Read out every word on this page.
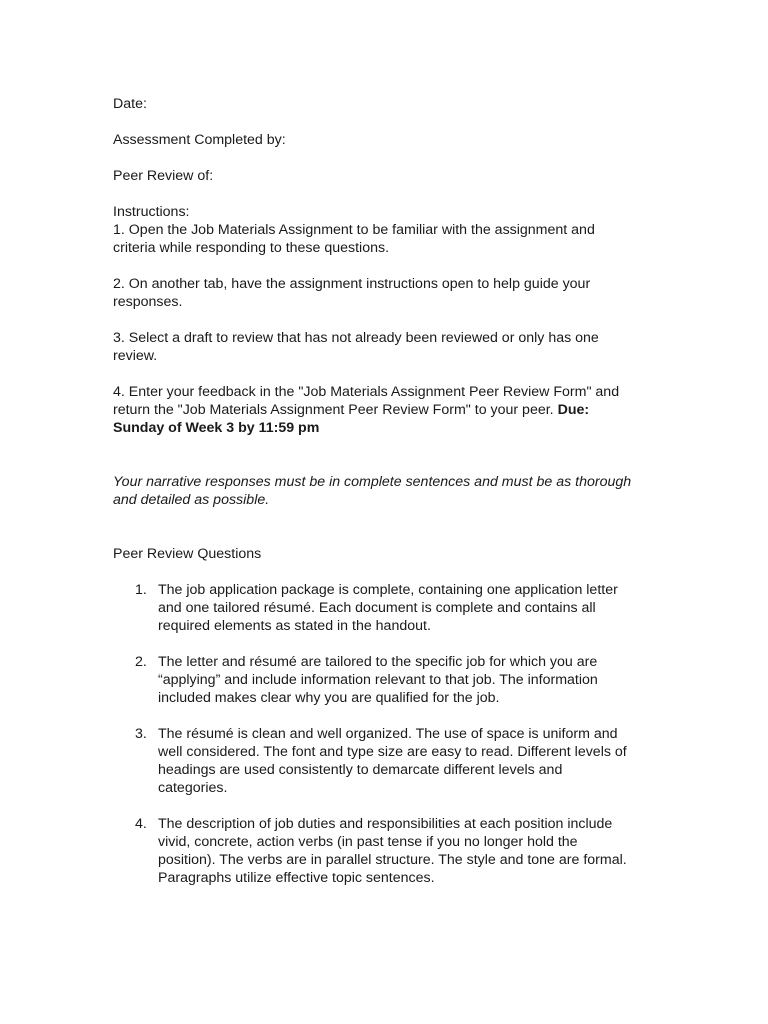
Date:

Assessment Completed by:

Peer Review of:

Instructions:

1. Open the Job Materials Assignment to be familiar with the assignment and criteria while responding to these questions.

2. On another tab, have the assignment instructions open to help guide your responses.

3. Select a draft to review that has not already been reviewed or only has one review.

4. Enter your feedback in the "Job Materials Assignment Peer Review Form" and return the "Job Materials Assignment Peer Review Form" to your peer. Due: Sunday of Week 3 by 11:59 pm

Your narrative responses must be in complete sentences and must be as thorough and detailed as possible.

Peer Review Questions

1. The job application package is complete, containing one application letter and one tailored résumé. Each document is complete and contains all required elements as stated in the handout.
2. The letter and résumé are tailored to the specific job for which you are “applying” and include information relevant to that job. The information included makes clear why you are qualified for the job.
3. The résumé is clean and well organized. The use of space is uniform and well considered. The font and type size are easy to read. Different levels of headings are used consistently to demarcate different levels and categories.
4. The description of job duties and responsibilities at each position include vivid, concrete, action verbs (in past tense if you no longer hold the position). The verbs are in parallel structure. The style and tone are formal. Paragraphs utilize effective topic sentences.
